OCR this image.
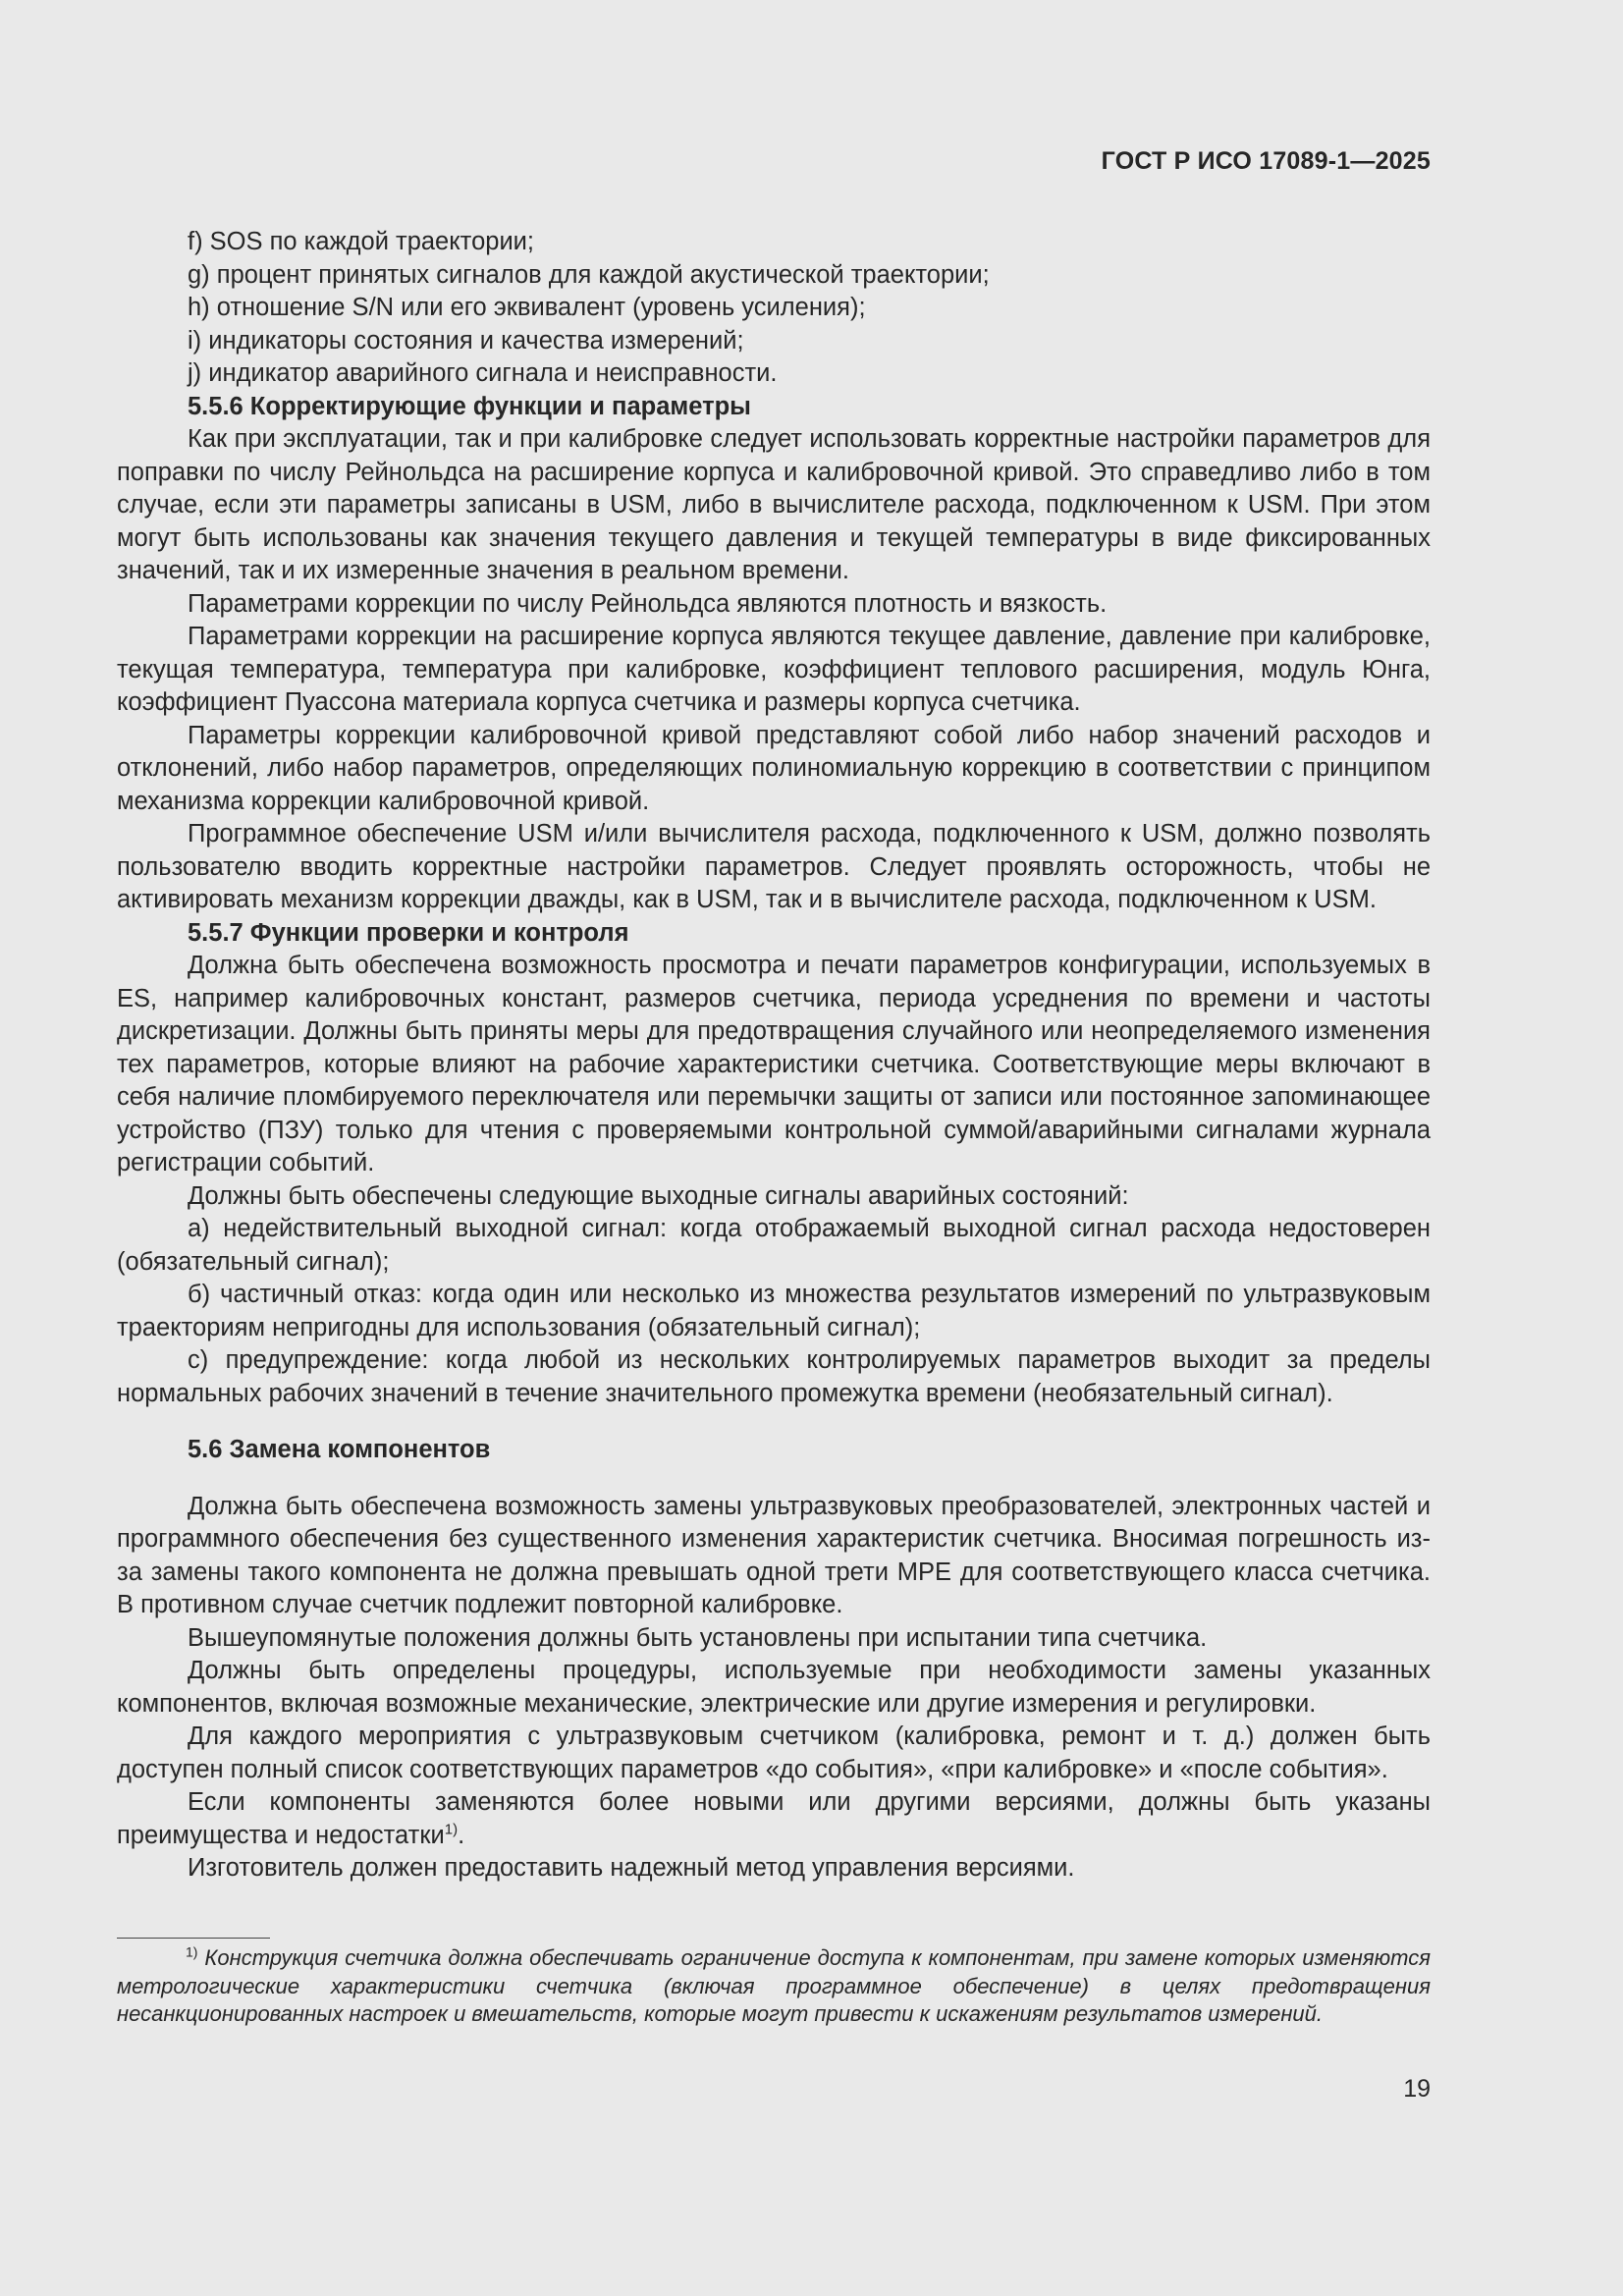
ГОСТ Р ИСО 17089-1—2025

f) SOS по каждой траектории;

g) процент принятых сигналов для каждой акустической траектории;

h) отношение S/N или его эквивалент (уровень усиления);

i) индикаторы состояния и качества измерений;

j) индикатор аварийного сигнала и неисправности.

5.5.6 Корректирующие функции и параметры

Как при эксплуатации, так и при калибровке следует использовать корректные настройки параметров для поправки по числу Рейнольдса на расширение корпуса и калибровочной кривой. Это справедливо либо в том случае, если эти параметры записаны в USM, либо в вычислителе расхода, подключенном к USM. При этом могут быть использованы как значения текущего давления и текущей температуры в виде фиксированных значений, так и их измеренные значения в реальном времени.

Параметрами коррекции по числу Рейнольдса являются плотность и вязкость.

Параметрами коррекции на расширение корпуса являются текущее давление, давление при калибровке, текущая температура, температура при калибровке, коэффициент теплового расширения, модуль Юнга, коэффициент Пуассона материала корпуса счетчика и размеры корпуса счетчика.

Параметры коррекции калибровочной кривой представляют собой либо набор значений расходов и отклонений, либо набор параметров, определяющих полиномиальную коррекцию в соответствии с принципом механизма коррекции калибровочной кривой.

Программное обеспечение USM и/или вычислителя расхода, подключенного к USM, должно позволять пользователю вводить корректные настройки параметров. Следует проявлять осторожность, чтобы не активировать механизм коррекции дважды, как в USM, так и в вычислителе расхода, подключенном к USM.

5.5.7 Функции проверки и контроля

Должна быть обеспечена возможность просмотра и печати параметров конфигурации, используемых в ES, например калибровочных констант, размеров счетчика, периода усреднения по времени и частоты дискретизации. Должны быть приняты меры для предотвращения случайного или неопределяемого изменения тех параметров, которые влияют на рабочие характеристики счетчика. Соответствующие меры включают в себя наличие пломбируемого переключателя или перемычки защиты от записи или постоянное запоминающее устройство (ПЗУ) только для чтения с проверяемыми контрольной суммой/аварийными сигналами журнала регистрации событий.

Должны быть обеспечены следующие выходные сигналы аварийных состояний:

а) недействительный выходной сигнал: когда отображаемый выходной сигнал расхода недостоверен (обязательный сигнал);

б) частичный отказ: когда один или несколько из множества результатов измерений по ультразвуковым траекториям непригодны для использования (обязательный сигнал);

с) предупреждение: когда любой из нескольких контролируемых параметров выходит за пределы нормальных рабочих значений в течение значительного промежутка времени (необязательный сигнал).

5.6 Замена компонентов

Должна быть обеспечена возможность замены ультразвуковых преобразователей, электронных частей и программного обеспечения без существенного изменения характеристик счетчика. Вносимая погрешность из-за замены такого компонента не должна превышать одной трети MPE для соответствующего класса счетчика. В противном случае счетчик подлежит повторной калибровке.

Вышеупомянутые положения должны быть установлены при испытании типа счетчика.

Должны быть определены процедуры, используемые при необходимости замены указанных компонентов, включая возможные механические, электрические или другие измерения и регулировки.

Для каждого мероприятия с ультразвуковым счетчиком (калибровка, ремонт и т. д.) должен быть доступен полный список соответствующих параметров «до события», «при калибровке» и «после события».

Если компоненты заменяются более новыми или другими версиями, должны быть указаны преимущества и недостатки$^{1)}$.

Изготовитель должен предоставить надежный метод управления версиями.

$^{1)}$ Конструкция счетчика должна обеспечивать ограничение доступа к компонентам, при замене которых изменяются метрологические характеристики счетчика (включая программное обеспечение) в целях предотвращения несанкционированных настроек и вмешательств, которые могут привести к искажениям результатов измерений.
19
